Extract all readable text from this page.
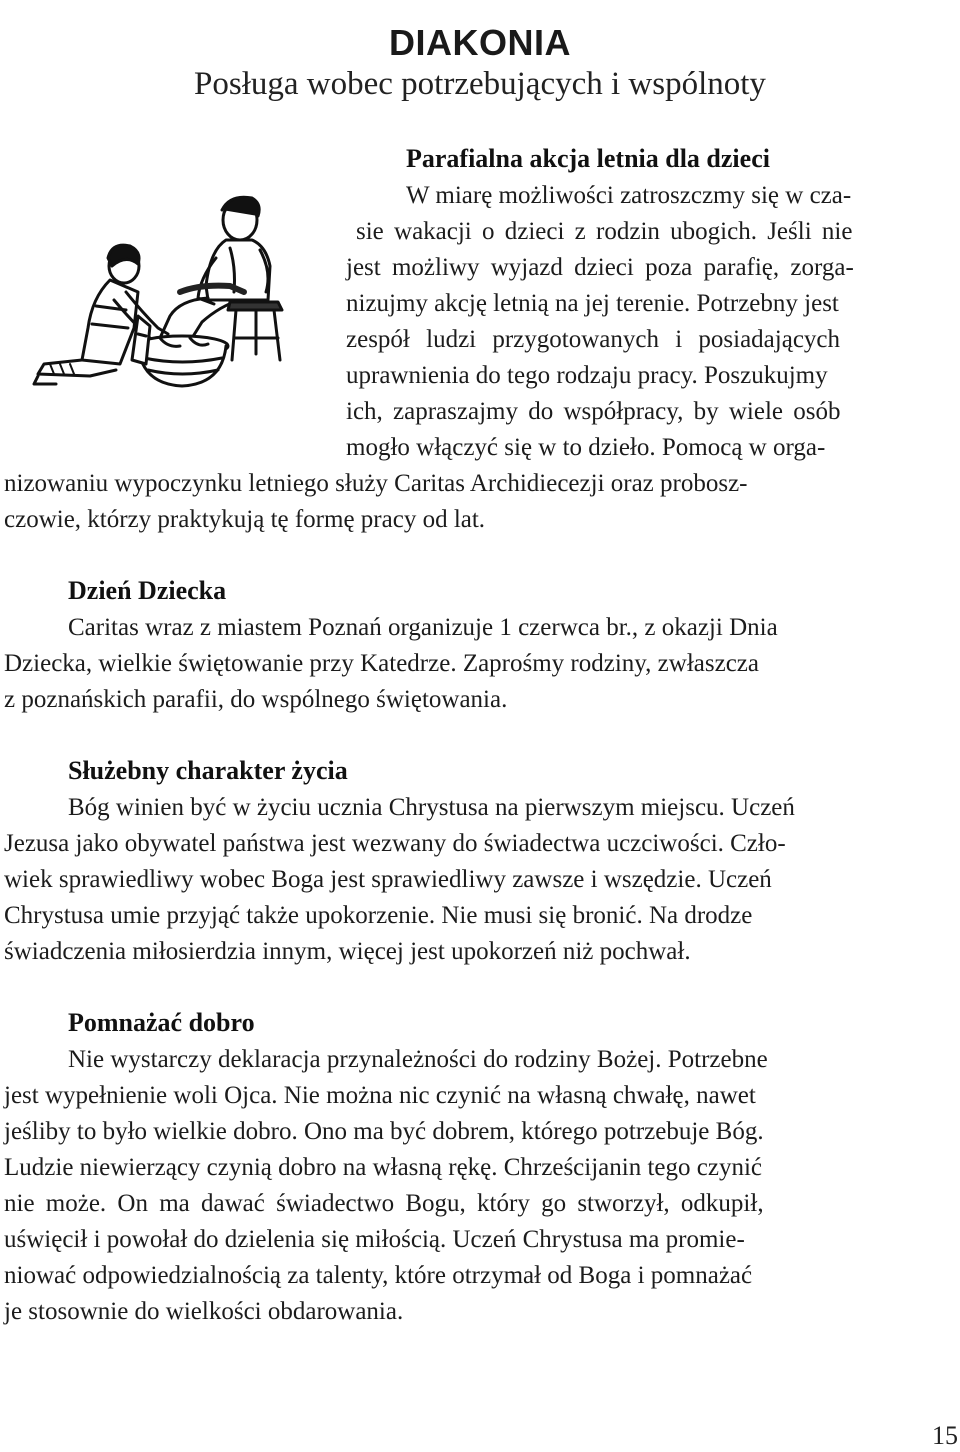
DIAKONIA
Posługa wobec potrzebujących i wspólnoty
Parafialna akcja letnia dla dzieci

W miarę możliwości zatroszczmy się w cza-

sie wakacji o dzieci z rodzin ubogich. Jeśli nie

jest możliwy wyjazd dzieci poza parafię, zorga-

nizujmy akcję letnią na jej terenie. Potrzebny jest

zespół ludzi przygotowanych i posiadających

uprawnienia do tego rodzaju pracy. Poszukujmy

ich, zapraszajmy do współpracy, by wiele osób

mogło włączyć się w to dzieło. Pomocą w orga-

nizowaniu wypoczynku letniego służy Caritas Archidiecezji oraz probosz-

czowie, którzy praktykują tę formę pracy od lat.

Dzień Dziecka

Caritas wraz z miastem Poznań organizuje 1 czerwca br., z okazji Dnia

Dziecka, wielkie świętowanie przy Katedrze. Zaprośmy rodziny, zwłaszcza

z poznańskich parafii, do wspólnego świętowania.

Służebny charakter życia

Bóg winien być w życiu ucznia Chrystusa na pierwszym miejscu. Uczeń

Jezusa jako obywatel państwa jest wezwany do świadectwa uczciwości. Czło-

wiek sprawiedliwy wobec Boga jest sprawiedliwy zawsze i wszędzie. Uczeń

Chrystusa umie przyjąć także upokorzenie. Nie musi się bronić. Na drodze

świadczenia miłosierdzia innym, więcej jest upokorzeń niż pochwał.

Pomnażać dobro

Nie wystarczy deklaracja przynależności do rodziny Bożej. Potrzebne

jest wypełnienie woli Ojca. Nie można nic czynić na własną chwałę, nawet

jeśliby to było wielkie dobro. Ono ma być dobrem, którego potrzebuje Bóg.

Ludzie niewierzący czynią dobro na własną rękę. Chrześcijanin tego czynić

nie może. On ma dawać świadectwo Bogu, który go stworzył, odkupił,

uświęcił i powołał do dzielenia się miłością. Uczeń Chrystusa ma promie-

niować odpowiedzialnością za talenty, które otrzymał od Boga i pomnażać

je stosownie do wielkości obdarowania.

15
